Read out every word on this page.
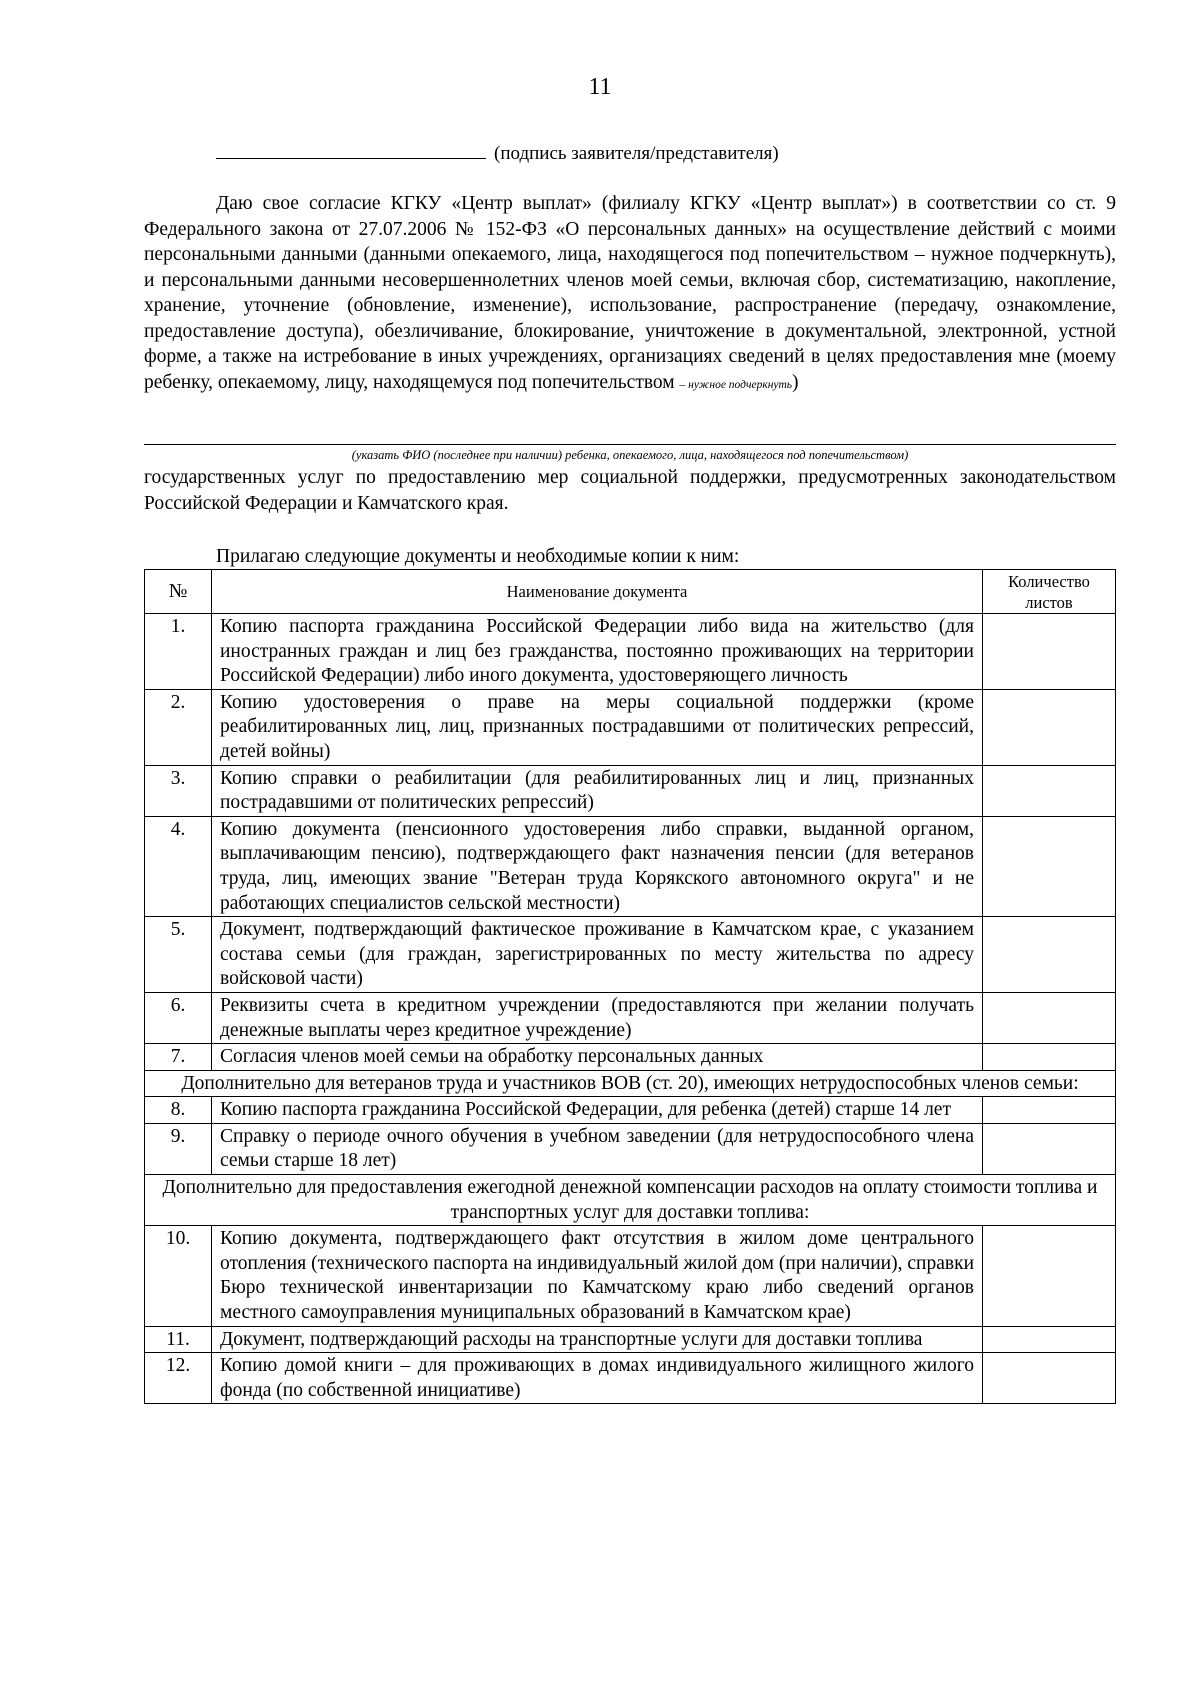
11
(подпись заявителя/представителя)

Даю свое согласие КГКУ «Центр выплат» (филиалу КГКУ «Центр выплат») в соответствии со ст. 9 Федерального закона от 27.07.2006 № 152-ФЗ «О персональных данных» на осуществление действий с моими персональными данными (данными опекаемого, лица, находящегося под попечительством – нужное подчеркнуть), и персональными данными несовершеннолетних членов моей семьи, включая сбор, систематизацию, накопление, хранение, уточнение (обновление, изменение), использование, распространение (передачу, ознакомление, предоставление доступа), обезличивание, блокирование, уничтожение в документальной, электронной, устной форме, а также на истребование в иных учреждениях, организациях сведений в целях предоставления мне (моему ребенку, опекаемому, лицу, находящемуся под попечительством – нужное подчеркнуть)

(указать ФИО (последнее при наличии) ребенка, опекаемого, лица, находящегося под попечительством)

государственных услуг по предоставлению мер социальной поддержки, предусмотренных законодательством Российской Федерации и Камчатского края.

Прилагаю следующие документы и необходимые копии к ним:
№	Наименование документа	Количество
листов
1.	Копию паспорта гражданина Российской Федерации либо вида на жительство (для иностранных граждан и лиц без гражданства, постоянно проживающих на территории Российской Федерации) либо иного документа, удостоверяющего личность	
2.	Копию удостоверения о праве на меры социальной поддержки (кроме реабилитированных лиц, лиц, признанных пострадавшими от политических репрессий, детей войны)	
3.	Копию справки о реабилитации (для реабилитированных лиц и лиц, признанных пострадавшими от политических репрессий)	
4.	Копию документа (пенсионного удостоверения либо справки, выданной органом, выплачивающим пенсию), подтверждающего факт назначения пенсии (для ветеранов труда, лиц, имеющих звание "Ветеран труда Корякского автономного округа" и не работающих специалистов сельской местности)	
5.	Документ, подтверждающий фактическое проживание в Камчатском крае, с указанием состава семьи (для граждан, зарегистрированных по месту жительства по адресу войсковой части)	
6.	Реквизиты счета в кредитном учреждении (предоставляются при желании получать денежные выплаты через кредитное учреждение)	
7.	Согласия членов моей семьи на обработку персональных данных	
Дополнительно для ветеранов труда и участников ВОВ (ст. 20), имеющих нетрудоспособных членов семьи:		
8.	Копию паспорта гражданина Российской Федерации, для ребенка (детей) старше 14 лет	
9.	Справку о периоде очного обучения в учебном заведении (для нетрудоспособного члена семьи старше 18 лет)	
Дополнительно для предоставления ежегодной денежной компенсации расходов на оплату стоимости топлива и транспортных услуг для доставки топлива:		
10.	Копию документа, подтверждающего факт отсутствия в жилом доме центрального отопления (технического паспорта на индивидуальный жилой дом (при наличии), справки Бюро технической инвентаризации по Камчатскому краю либо сведений органов местного самоуправления муниципальных образований в Камчатском крае)	
11.	Документ, подтверждающий расходы на транспортные услуги для доставки топлива	
12.	Копию домой книги – для проживающих в домах индивидуального жилищного жилого фонда (по собственной инициативе)	
